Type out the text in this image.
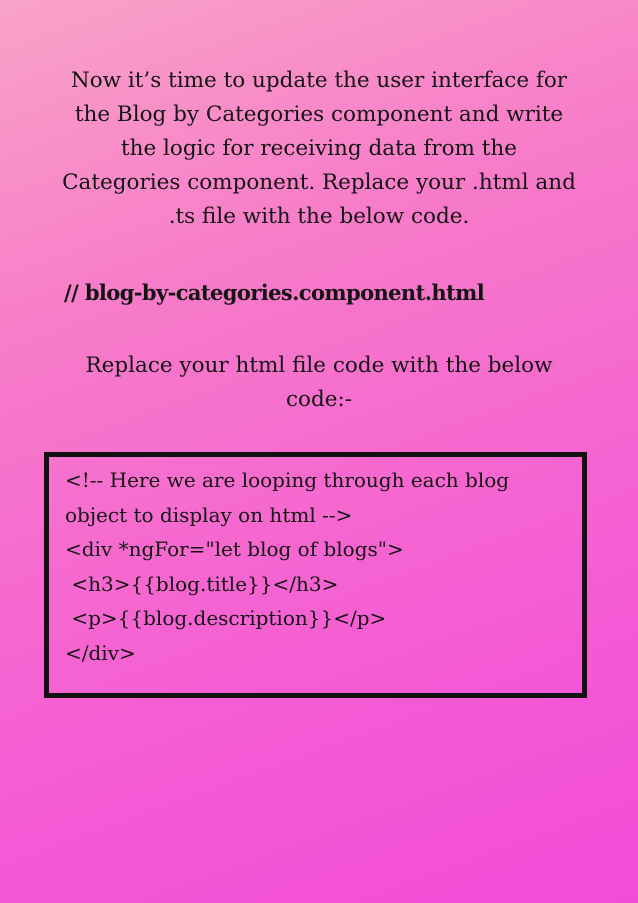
Now it’s time to update the user interface for the Blog by Categories component and write the logic for receiving data from the Categories component. Replace your .html and .ts file with the below code.

// blog-by-categories.component.html

Replace your html file code with the below code:-

<!-- Here we are looping through each blog
object to display on html -->
<div *ngFor="let blog of blogs">
<h3>{{blog.title}}</h3>
<p>{{blog.description}}</p>
</div>
